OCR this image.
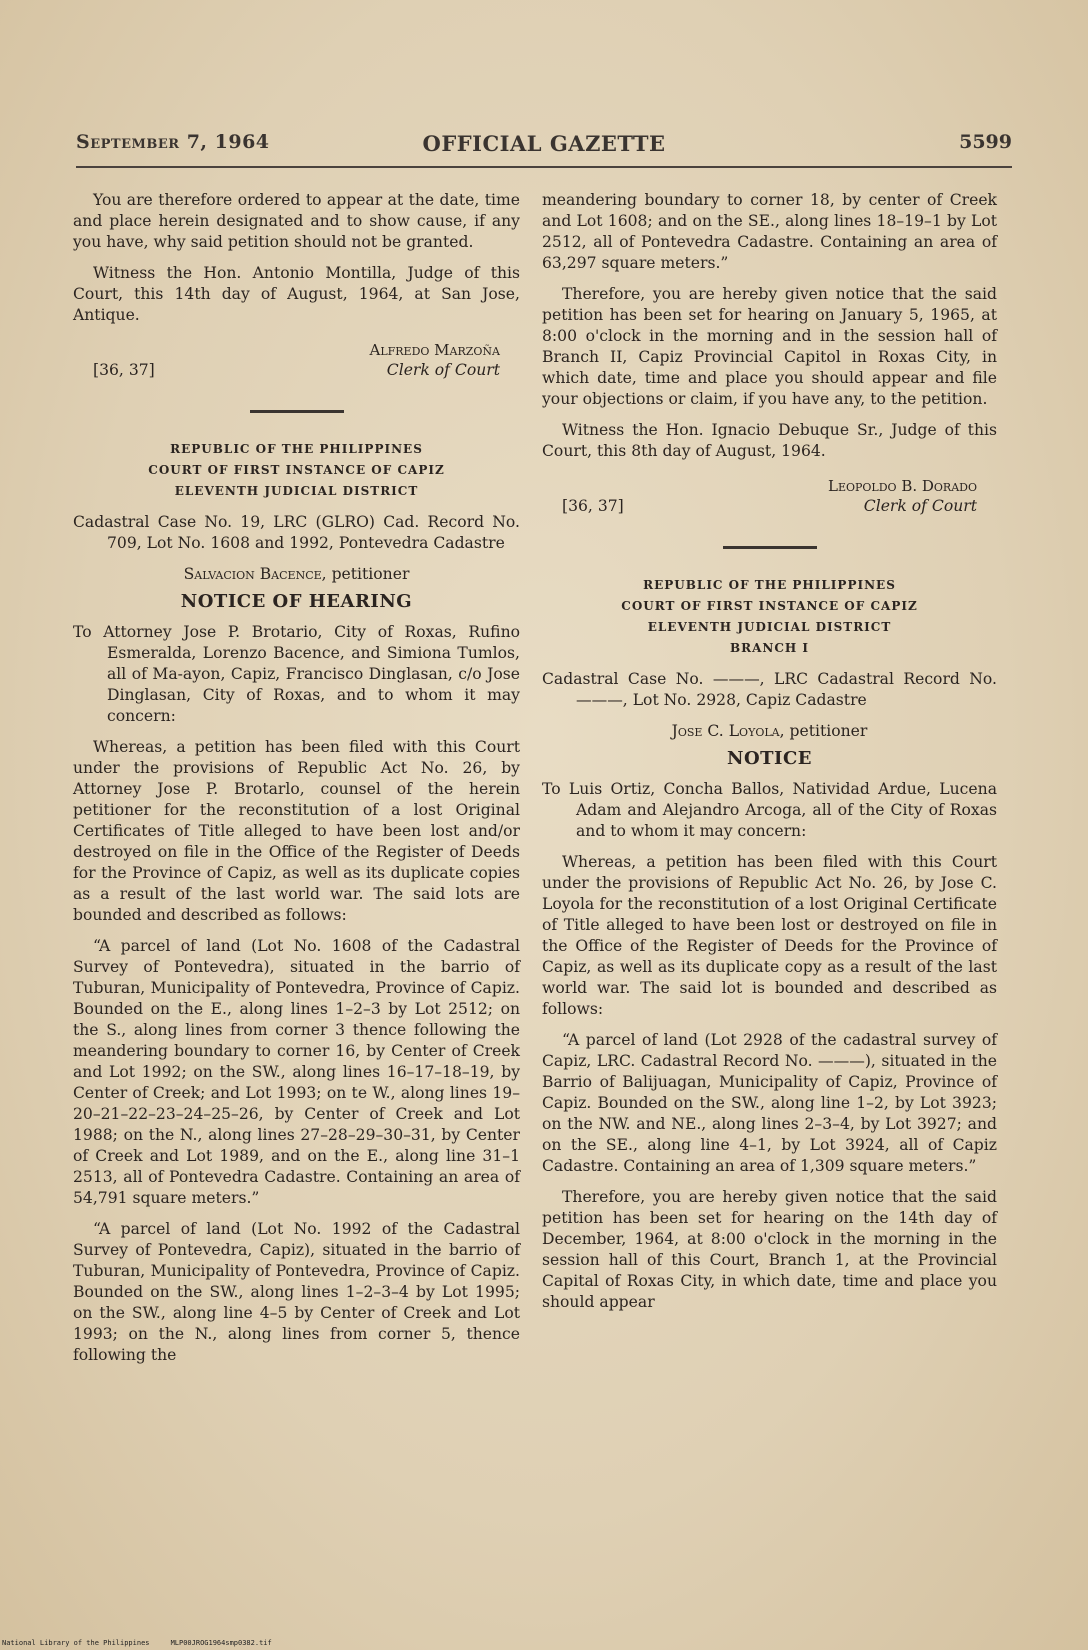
September 7, 1964	OFFICIAL GAZETTE	5599

You are therefore ordered to appear at the date, time and place herein designated and to show cause, if any you have, why said petition should not be granted.

Witness the Hon. Antonio Montilla, Judge of this Court, this 14th day of August, 1964, at San Jose, Antique.

Alfredo Marzoña
[36, 37]	Clerk of Court
REPUBLIC OF THE PHILIPPINES
COURT OF FIRST INSTANCE OF CAPIZ
ELEVENTH JUDICIAL DISTRICT
Cadastral Case No. 19, LRC (GLRO) Cad. Record No. 709, Lot No. 1608 and 1992, Pontevedra Cadastre
Salvacion Bacence, petitioner
NOTICE OF HEARING
To Attorney Jose P. Brotario, City of Roxas, Rufino Esmeralda, Lorenzo Bacence, and Simiona Tumlos, all of Ma-ayon, Capiz, Francisco Dinglasan, c/o Jose Dinglasan, City of Roxas, and to whom it may concern:

Whereas, a petition has been filed with this Court under the provisions of Republic Act No. 26, by Attorney Jose P. Brotarlo, counsel of the herein petitioner for the reconstitution of a lost Original Certificates of Title alleged to have been lost and/or destroyed on file in the Office of the Register of Deeds for the Province of Capiz, as well as its duplicate copies as a result of the last world war. The said lots are bounded and described as follows:

“A parcel of land (Lot No. 1608 of the Cadastral Survey of Pontevedra), situated in the barrio of Tuburan, Municipality of Pontevedra, Province of Capiz. Bounded on the E., along lines 1–2–3 by Lot 2512; on the S., along lines from corner 3 thence following the meandering boundary to corner 16, by Center of Creek and Lot 1992; on the SW., along lines 16–17–18–19, by Center of Creek; and Lot 1993; on te W., along lines 19–20–21–22–23–24–25–26, by Center of Creek and Lot 1988; on the N., along lines 27–28–29–30–31, by Center of Creek and Lot 1989, and on the E., along line 31–1 2513, all of Pontevedra Cadastre. Containing an area of 54,791 square meters.”

“A parcel of land (Lot No. 1992 of the Cadastral Survey of Pontevedra, Capiz), situated in the barrio of Tuburan, Municipality of Pontevedra, Province of Capiz. Bounded on the SW., along lines 1–2–3–4 by Lot 1995; on the SW., along line 4–5 by Center of Creek and Lot 1993; on the N., along lines from corner 5, thence following the

meandering boundary to corner 18, by center of Creek and Lot 1608; and on the SE., along lines 18–19–1 by Lot 2512, all of Pontevedra Cadastre. Containing an area of 63,297 square meters.”

Therefore, you are hereby given notice that the said petition has been set for hearing on January 5, 1965, at 8:00 o'clock in the morning and in the session hall of Branch II, Capiz Provincial Capitol in Roxas City, in which date, time and place you should appear and file your objections or claim, if you have any, to the petition.

Witness the Hon. Ignacio Debuque Sr., Judge of this Court, this 8th day of August, 1964.

Leopoldo B. Dorado
[36, 37]	Clerk of Court
REPUBLIC OF THE PHILIPPINES
COURT OF FIRST INSTANCE OF CAPIZ
ELEVENTH JUDICIAL DISTRICT
BRANCH I
Cadastral Case No. ———, LRC Cadastral Record No. ———, Lot No. 2928, Capiz Cadastre
Jose C. Loyola, petitioner
NOTICE
To Luis Ortiz, Concha Ballos, Natividad Ardue, Lucena Adam and Alejandro Arcoga, all of the City of Roxas and to whom it may concern:

Whereas, a petition has been filed with this Court under the provisions of Republic Act No. 26, by Jose C. Loyola for the reconstitution of a lost Original Certificate of Title alleged to have been lost or destroyed on file in the Office of the Register of Deeds for the Province of Capiz, as well as its duplicate copy as a result of the last world war. The said lot is bounded and described as follows:

“A parcel of land (Lot 2928 of the cadastral survey of Capiz, LRC. Cadastral Record No. ———), situated in the Barrio of Balijuagan, Municipality of Capiz, Province of Capiz. Bounded on the SW., along line 1–2, by Lot 3923; on the NW. and NE., along lines 2–3–4, by Lot 3927; and on the SE., along line 4–1, by Lot 3924, all of Capiz Cadastre. Containing an area of 1,309 square meters.”

Therefore, you are hereby given notice that the said petition has been set for hearing on the 14th day of December, 1964, at 8:00 o'clock in the morning in the session hall of this Court, Branch 1, at the Provincial Capital of Roxas City, in which date, time and place you should appear

National Library of the Philippines     MLP00JROG1964smp0382.tif
